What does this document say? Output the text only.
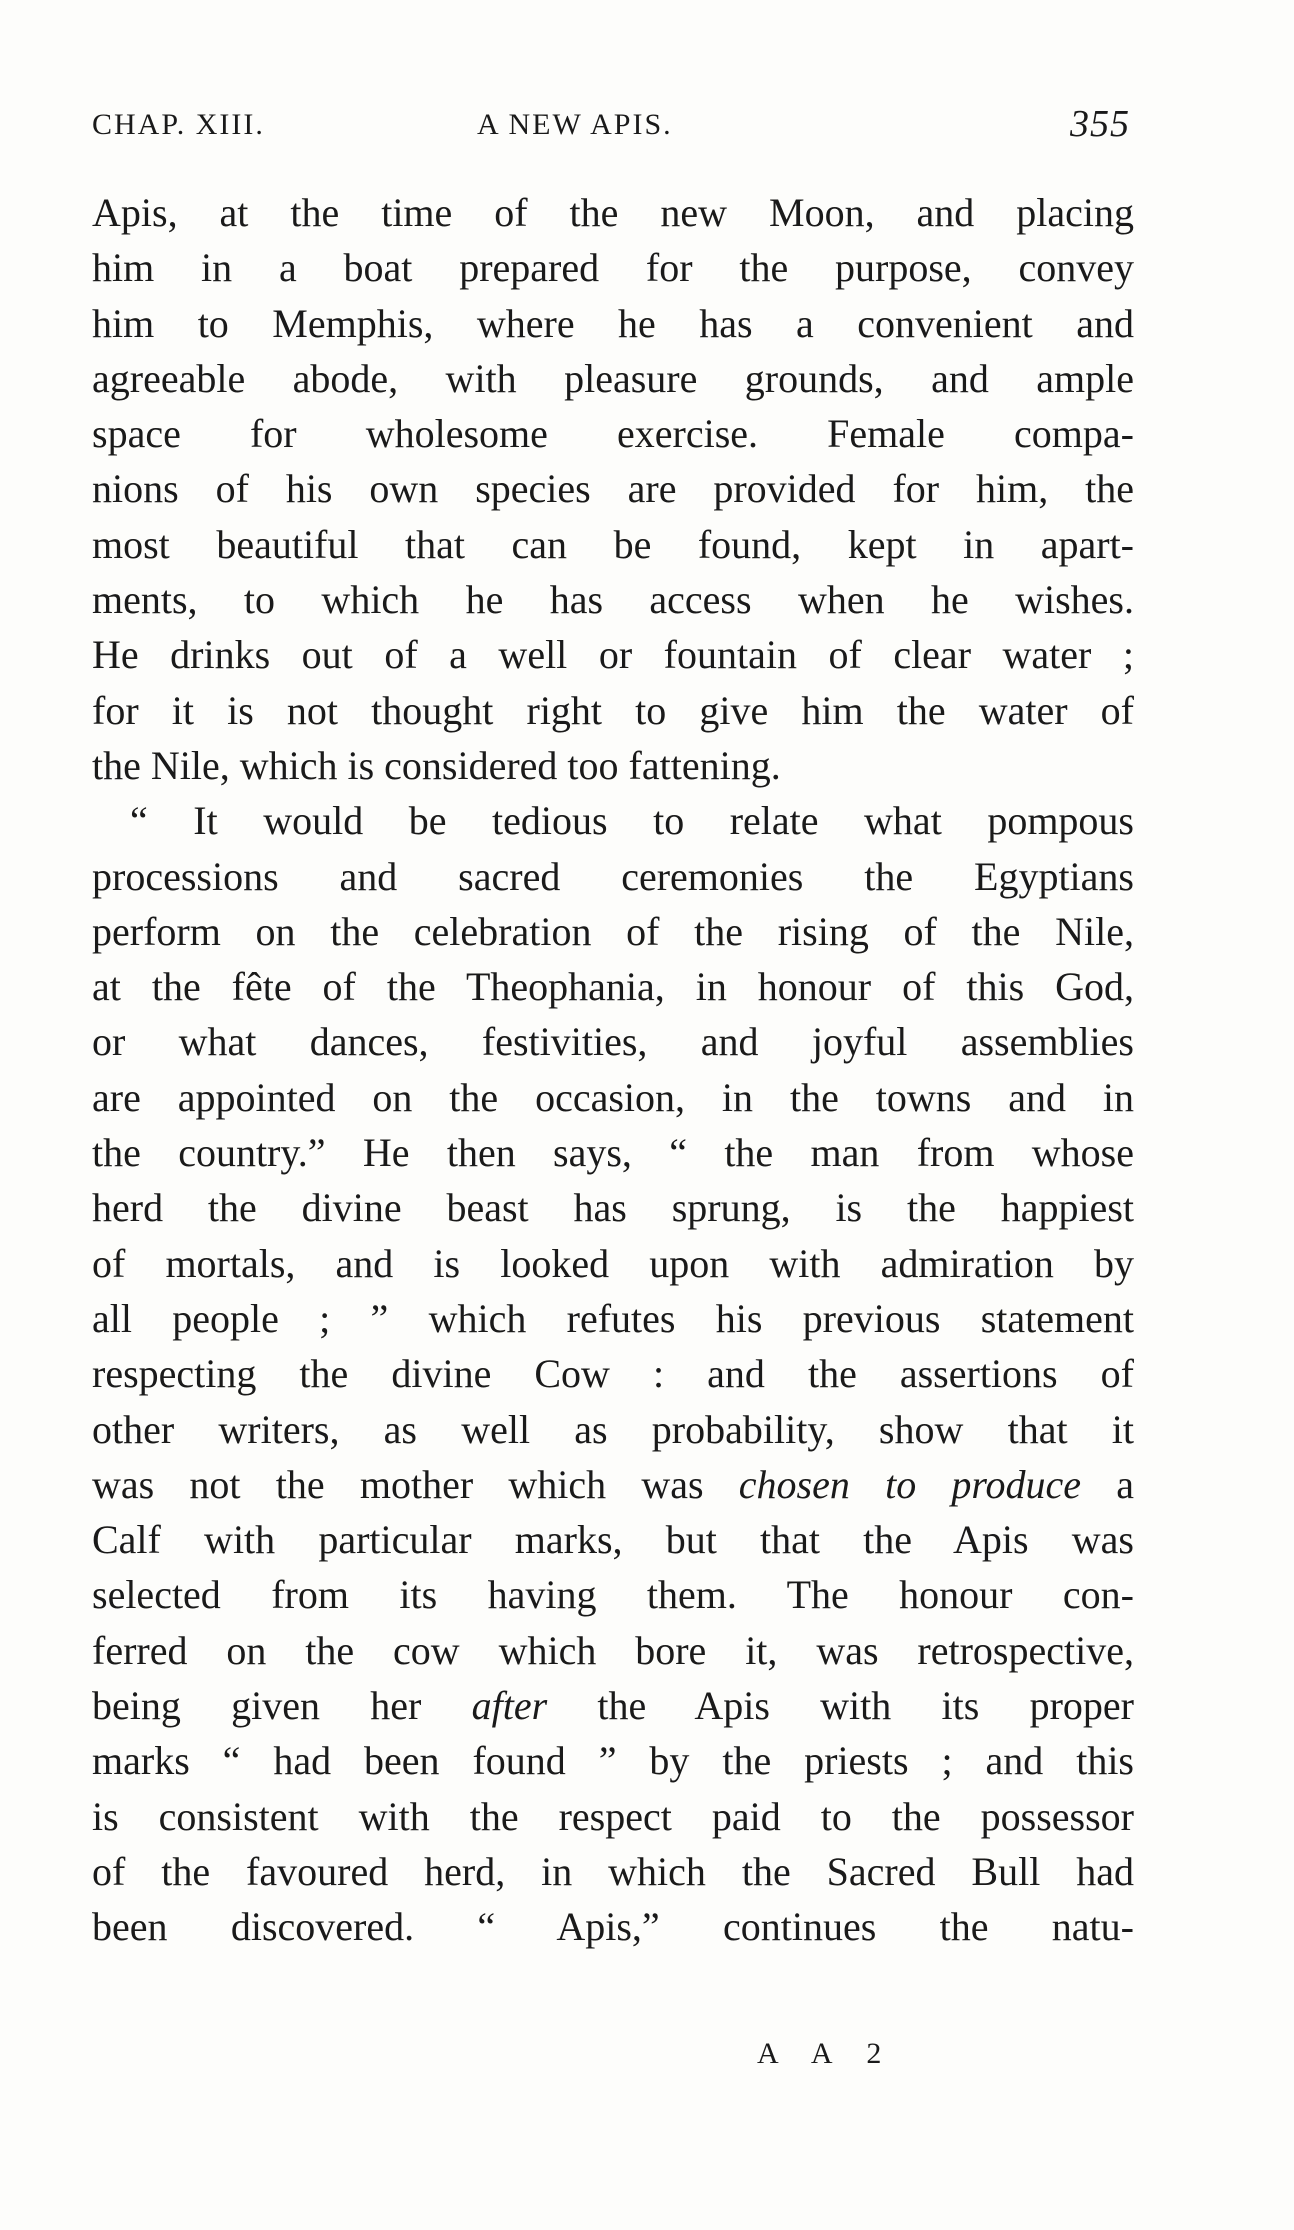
CHAP. XIII.	A NEW APIS.	355
Apis, at the time of the new Moon, and placing
him in a boat prepared for the purpose, convey
him to Memphis, where he has a convenient and
agreeable abode, with pleasure grounds, and ample
space for wholesome exercise. Female compa-
nions of his own species are provided for him, the
most beautiful that can be found, kept in apart-
ments, to which he has access when he wishes.
He drinks out of a well or fountain of clear water ;
for it is not thought right to give him the water of
the Nile, which is considered too fattening.
“ It would be tedious to relate what pompous
processions and sacred ceremonies the Egyptians
perform on the celebration of the rising of the Nile,
at the fête of the Theophania, in honour of this God,
or what dances, festivities, and joyful assemblies
are appointed on the occasion, in the towns and in
the country.” He then says, “ the man from whose
herd the divine beast has sprung, is the happiest
of mortals, and is looked upon with admiration by
all people ; ” which refutes his previous statement
respecting the divine Cow : and the assertions of
other writers, as well as probability, show that it
was not the mother which was chosen to produce a
Calf with particular marks, but that the Apis was
selected from its having them. The honour con-
ferred on the cow which bore it, was retrospective,
being given her after the Apis with its proper
marks “ had been found ” by the priests ; and this
is consistent with the respect paid to the possessor
of the favoured herd, in which the Sacred Bull had
been discovered. “ Apis,” continues the natu-
A A 2
